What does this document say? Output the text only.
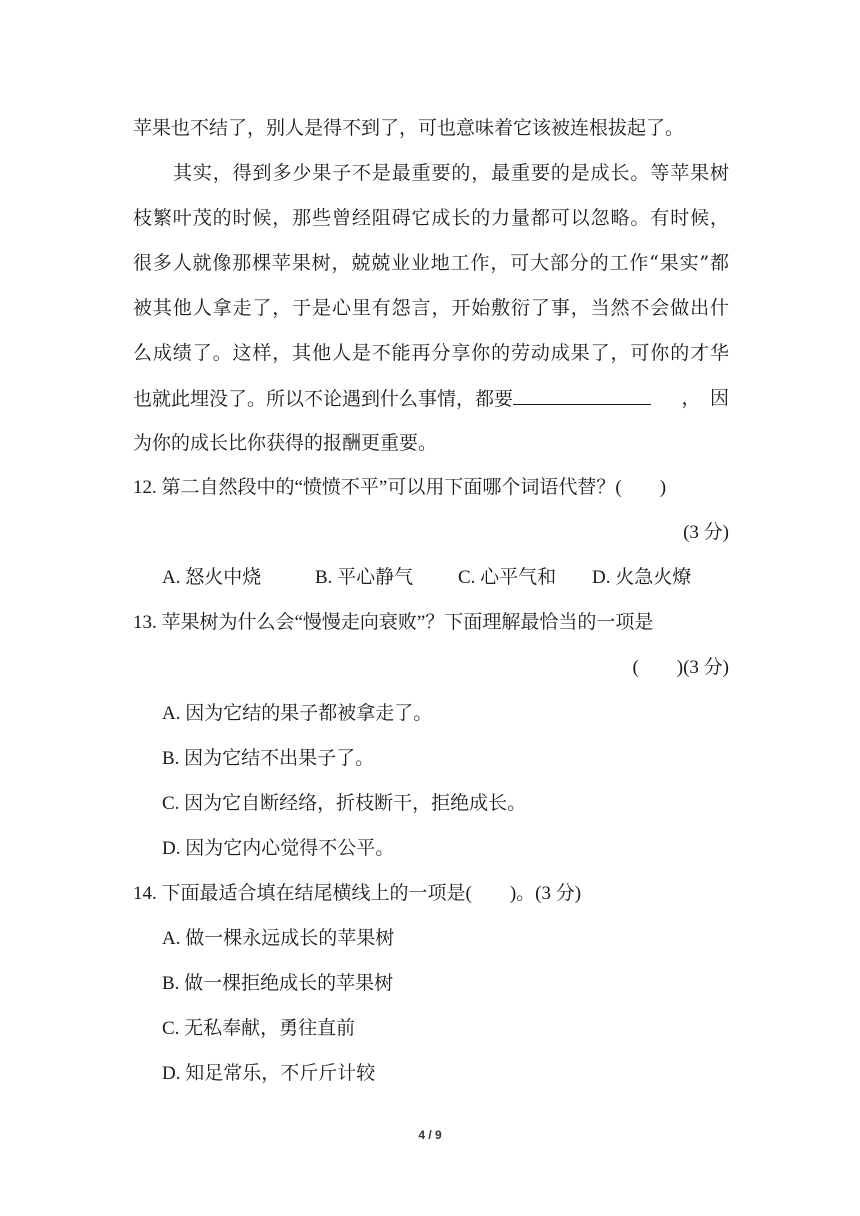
苹果也不结了，别人是得不到了，可也意味着它该被连根拔起了。
其实，得到多少果子不是最重要的，最重要的是成长。等苹果树
枝繁叶茂的时候，那些曾经阻碍它成长的力量都可以忽略。有时候，
很多人就像那棵苹果树，兢兢业业地工作，可大部分的工作“果实”都
被其他人拿走了，于是心里有怨言，开始敷衍了事，当然不会做出什
么成绩了。这样，其他人是不能再分享你的劳动成果了，可你的才华
也就此埋没了。所以不论遇到什么事情，都要	，　因
为你的成长比你获得的报酬更重要。
12. 第二自然段中的“愤愤不平”可以用下面哪个词语代替？(　　)
(3 分)
A. 怒火中烧	B. 平心静气 C. 心平气和 D. 火急火燎
13. 苹果树为什么会“慢慢走向衰败”？下面理解最恰当的一项是
(　　)(3 分)
A. 因为它结的果子都被拿走了。
B. 因为它结不出果子了。
C. 因为它自断经络，折枝断干，拒绝成长。
D. 因为它内心觉得不公平。
14. 下面最适合填在结尾横线上的一项是(　　)。(3 分)
A. 做一棵永远成长的苹果树
B. 做一棵拒绝成长的苹果树
C. 无私奉献，勇往直前
D. 知足常乐，不斤斤计较
4 / 9
